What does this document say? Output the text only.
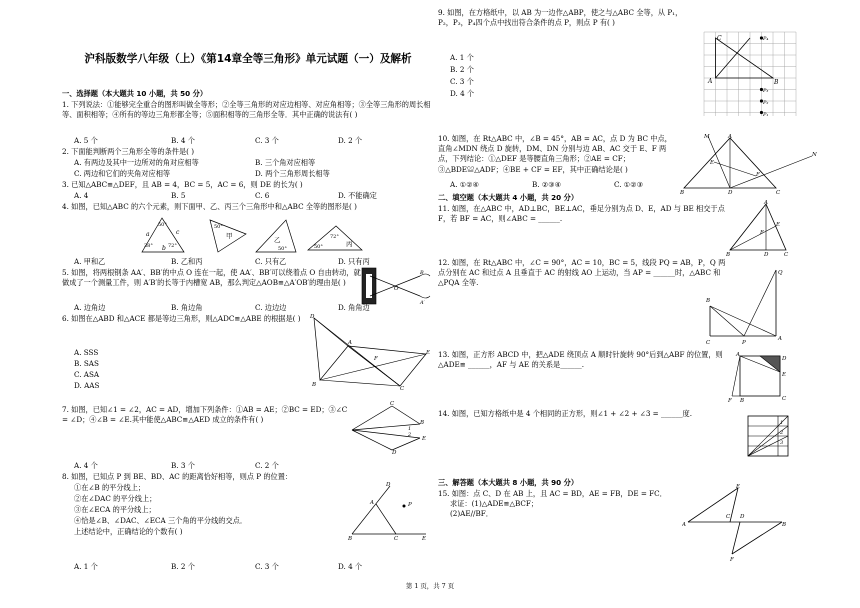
沪科版数学八年级（上）《第14章全等三角形》单元试题（一）及解析
一、选择题（本大题共 10 小题，共 50 分）
1. 下列说法：①能够完全重合的图形叫做全等形；②全等三角形的对应边相等、对应角相等；③全等三角形的周长相等、面积相等；④所有的等边三角形都全等；⑤面积相等的三角形全等．其中正确的说法有( )
A. 5 个	B. 4 个	C. 3 个	D. 2 个
2. 下面能判断两个三角形全等的条件是( )
A. 有两边及其中一边所对的角对应相等	B. 三个角对应相等
C. 两边和它们的夹角对应相等	D. 两个三角形周长相等
3. 已知△ABC≌△DEF，且 AB = 4，BC = 5，AC = 6，则 DE 的长为( )
A. 4	B. 5	C. 6	D. 不能确定
4. 如图，已知△ABC 的六个元素，则下面甲、乙、丙三个三角形中和△ABC 全等的图形是( )
a	c
b
50°
38°	72°
甲
50°
乙
50°
丙
72°
50°
A. 甲和乙	B. 乙和丙	C. 只有乙	D. 只有丙
5. 如图，将两根钢条 AA′、BB′的中点 O 连在一起，使 AA′、BB′可以绕着点 O 自由转动，就做成了一个测量工件，则 A′B′的长等于内槽宽 AB，那么判定△AOB≌△A′OB′的理由是( )
O
B
A′
A. 边角边	B. 角边角	C. 边边边	D. 角角边
6. 如图在△ABD 和△ACE 都是等边三角形，则△ADC≌△ABE 的根据是( )
A. SSS
B. SAS
C. ASA
D. AAS
D
A
B
F
E
C
7. 如图，已知∠1 = ∠2，AC = AD，增加下列条件：①AB = AE；②BC = ED；③∠C = ∠D；④∠B = ∠E.其中能使△ABC≌△AED 成立的条件有( )
C
B
E
D
1
2
A. 4 个	B. 3 个	C. 2 个
8. 如图，已知点 P 到 BE、BD、AC 的距离恰好相等，则点 P 的位置：
①在∠B 的平分线上；
②在∠DAC 的平分线上；
③在∠ECA 的平分线上；
④恰是∠B、∠DAC、∠ECA 三个角的平分线的交点．
上述结论中，正确结论的个数有( )
P
D
A
B	C	E
A. 1 个	B. 2 个	C. 3 个	D. 4 个
9. 如图，在方格纸中，以 AB 为一边作△ABP，使之与△ABC 全等，从 P₁，P₂，P₃，P₄四个点中找出符合条件的点 P，则点 P 有( )
A. 1 个
B. 2 个
C. 3 个
D. 4 个
C
A	B
P₄
P₃
P₂
P₁
10. 如图，在 Rt△ABC 中，∠B = 45°，AB = AC，点 D 为 BC 中点，直角∠MDN 绕点 D 旋转，DM、DN 分别与边 AB、AC 交于 E、F 两点，下列结论：①△DEF 是等腰直角三角形；②AE = CF；③△BDE≌△ADF；④BE + CF = EF，其中正确结论是( )
A. ①②④	B. ②③④	C. ①②③
M	A
E
F
N
B	D	C
二、填空题（本大题共 4 小题，共 20 分）
11. 如图，在△ABC 中，AD⊥BC，BE⊥AC，垂足分别为点 D、E，AD 与 BE 相交于点 F，若 BF = AC，则∠ABC = ______.
A
E
F
B	D	C
12. 如图，在 Rt△ABC 中，∠C = 90°，AC = 10，BC = 5，线段 PQ = AB，P，Q 两点分别在 AC 和过点 A 且垂直于 AC 的射线 AO 上运动，当 AP = ______时，△ABC 和△PQA 全等.
Q
A
B
C	P
13. 如图，正方形 ABCD 中，把△ADE 绕顶点 A 顺时针旋转 90°后到△ABF 的位置，则△ADE≌ ______，AF 与 AE 的关系是______.
A
D
E
C
F B
14. 如图，已知方格纸中是 4 个相同的正方形，则∠1 + ∠2 + ∠3 = ______度.
1
2
3
三、解答题（本大题共 8 小题，共 90 分）
15. 如图：点 C、D 在 AB 上，且 AC = BD，AE = FB，DE = FC．
求证：(1)△ADE≌△BCF；
(2)AE//BF．
E
A
C D
B
F
第 1 页，共 7 页
